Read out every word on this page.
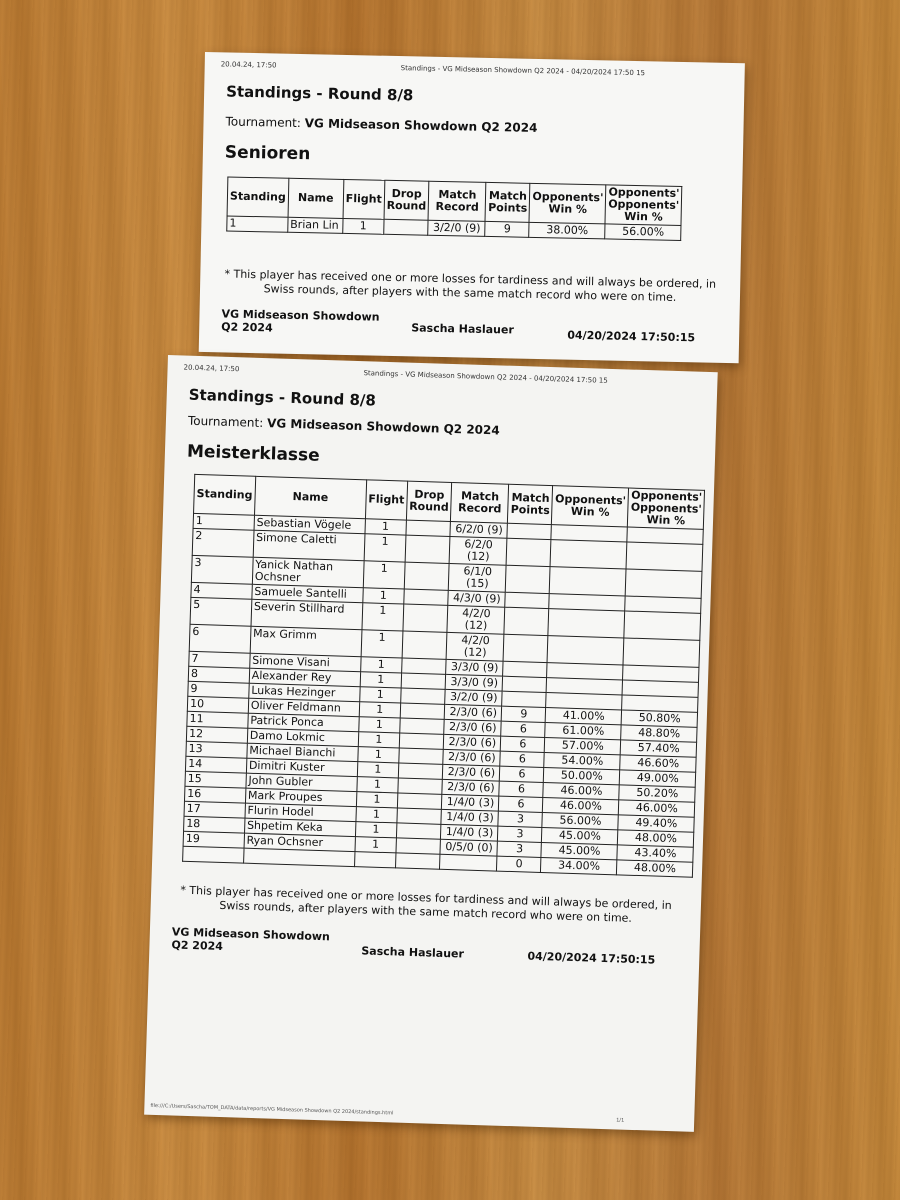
20.04.24, 17:50	Standings - VG Midseason Showdown Q2 2024 - 04/20/2024 17:50 15
Standings - Round 8/8
Tournament: VG Midseason Showdown Q2 2024
Senioren
Standing	Name	Flight	Drop Round	Match Record	Match Points	Opponents' Win %	Opponents' Opponents' Win %
1	Brian Lin	1		3/2/0 (9)	9	38.00%	56.00%
* This player has received one or more losses for tardiness and will always be ordered, in Swiss rounds, after players with the same match record who were on time.
VG Midseason Showdown Q2 2024	Sascha Haslauer	04/20/2024 17:50:15
20.04.24, 17:50
Standings - VG Midseason Showdown Q2 2024 - 04/20/2024 17:50 15
Standings - Round 8/8
Tournament: VG Midseason Showdown Q2 2024
Meisterklasse
Standing	Name	Flight	Drop Round	Match Record	Match Points	Opponents' Win %	Opponents' Opponents' Win %
1	Sebastian Vögele	1		6/2/0 (9)			
2	Simone Caletti	1		6/2/0 (12)			
3	Yanick Nathan Ochsner	1		6/1/0 (15)			
4	Samuele Santelli	1		4/3/0 (9)			
5	Severin Stillhard	1		4/2/0 (12)			
6	Max Grimm	1		4/2/0 (12)			
7	Simone Visani	1		3/3/0 (9)			
8	Alexander Rey	1		3/3/0 (9)			
9	Lukas Hezinger	1		3/2/0 (9)			
10	Oliver Feldmann	1		2/3/0 (6)	9	41.00%	50.80%
11	Patrick Ponca	1		2/3/0 (6)	6	61.00%	48.80%
12	Damo Lokmic	1		2/3/0 (6)	6	57.00%	57.40%
13	Michael Bianchi	1		2/3/0 (6)	6	54.00%	46.60%
14	Dimitri Kuster	1		2/3/0 (6)	6	50.00%	49.00%
15	John Gubler	1		2/3/0 (6)	6	46.00%	50.20%
16	Mark Proupes	1		1/4/0 (3)	6	46.00%	46.00%
17	Flurin Hodel	1		1/4/0 (3)	3	56.00%	49.40%
18	Shpetim Keka	1		1/4/0 (3)	3	45.00%	48.00%
19	Ryan Ochsner	1		0/5/0 (0)	3	45.00%	43.40%
					0	34.00%	48.00%
* This player has received one or more losses for tardiness and will always be ordered, in Swiss rounds, after players with the same match record who were on time.
VG Midseason Showdown Q2 2024	Sascha Haslauer	04/20/2024 17:50:15
file:///C:/Users/Sascha/TOM_DATA/data/reports/VG Midseason Showdown Q2 2024/standings.html
1/1
